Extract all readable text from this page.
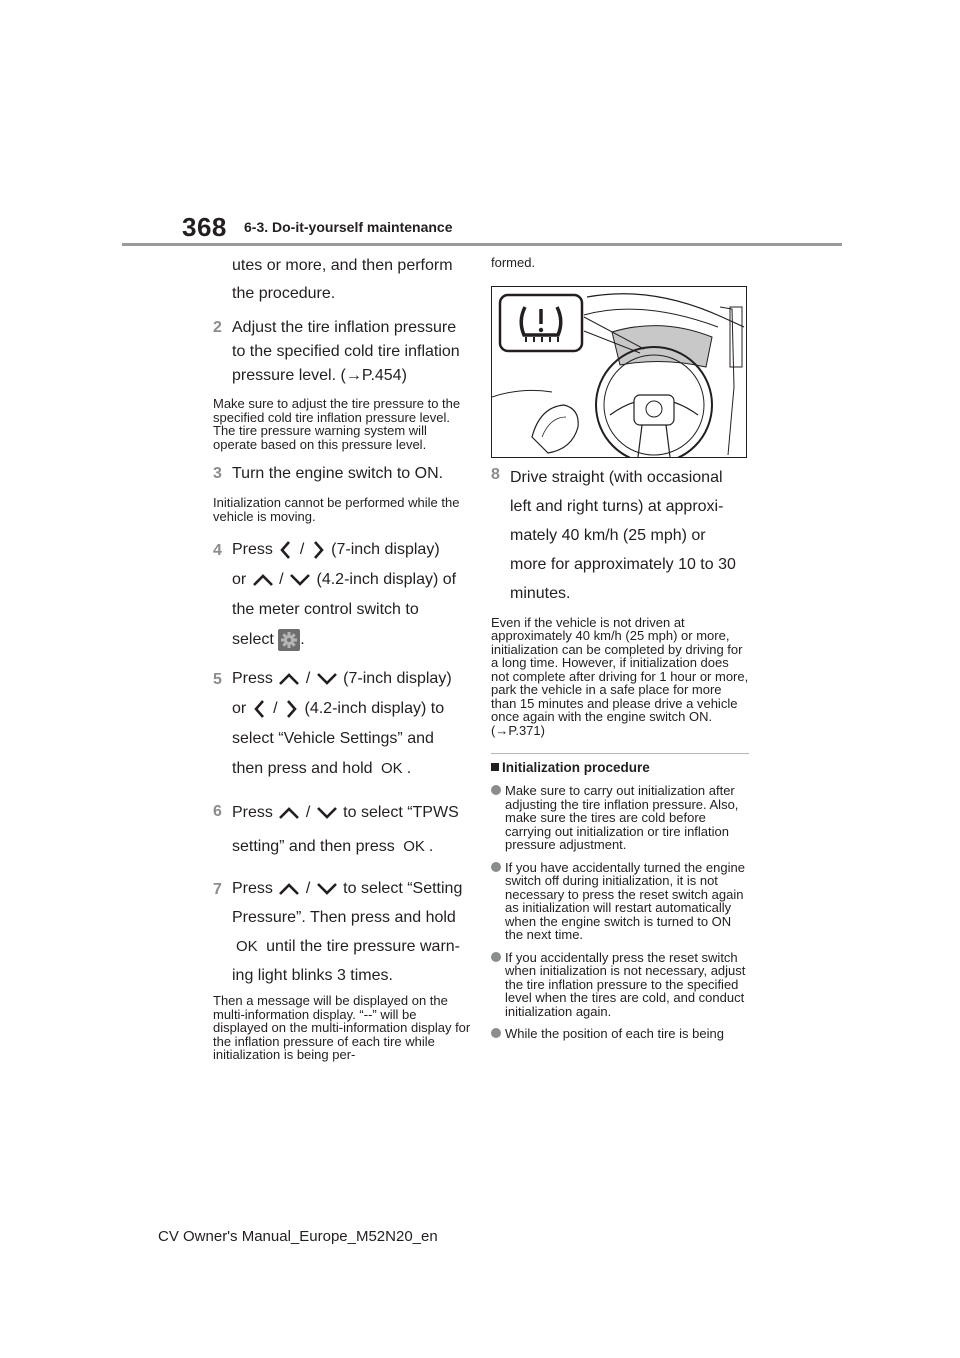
368 6-3. Do-it-yourself maintenance

utes or more, and then perform
the procedure.

2 Adjust the tire inflation pressure
to the specified cold tire inflation
pressure level. (→P.454)

Make sure to adjust the tire pressure to the specified cold tire inflation pressure level. The tire pressure warning system will operate based on this pressure level.

3 Turn the engine switch to ON.

Initialization cannot be performed while the vehicle is moving.

4 Press / (7-inch display)
or / (4.2-inch display) of
the meter control switch to
select .

5 Press / (7-inch display)
or / (4.2-inch display) to
select “Vehicle Settings” and
then press and hold OK .

6 Press / to select “TPWS
setting” and then press OK .

7 Press / to select “Setting
Pressure”. Then press and hold
OK until the tire pressure warn-
ing light blinks 3 times.

Then a message will be displayed on the multi-information display. “--” will be displayed on the multi-information display for the inflation pressure of each tire while initialization is being per-

formed.

8 Drive straight (with occasional
left and right turns) at approxi-
mately 40 km/h (25 mph) or
more for approximately 10 to 30
minutes.

Even if the vehicle is not driven at approximately 40 km/h (25 mph) or more, initialization can be completed by driving for a long time. However, if initialization does not complete after driving for 1 hour or more, park the vehicle in a safe place for more than 15 minutes and please drive a vehicle once again with the engine switch ON.
(→P.371)

Initialization procedure

Make sure to carry out initialization after adjusting the tire inflation pressure. Also, make sure the tires are cold before carrying out initialization or tire inflation pressure adjustment.

If you have accidentally turned the engine switch off during initialization, it is not necessary to press the reset switch again as initialization will restart automatically when the engine switch is turned to ON the next time.

If you accidentally press the reset switch when initialization is not necessary, adjust the tire inflation pressure to the specified level when the tires are cold, and conduct initialization again.

While the position of each tire is being

CV Owner's Manual_Europe_M52N20_en
